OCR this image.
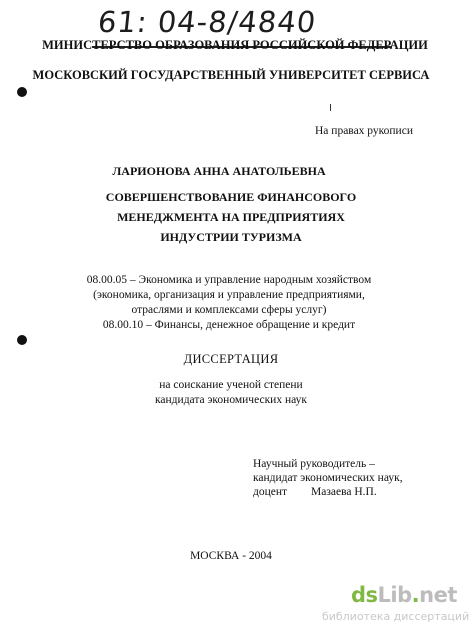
61: 04-8/4840
МИНИСТЕРСТВО ОБРАЗОВАНИЯ РОССИЙСКОЙ ФЕДЕРАЦИИ
МОСКОВСКИЙ ГОСУДАРСТВЕННЫЙ УНИВЕРСИТЕТ СЕРВИСА
На правах рукописи
ЛАРИОНОВА АННА АНАТОЛЬЕВНА
СОВЕРШЕНСТВОВАНИЕ ФИНАНСОВОГО
МЕНЕДЖМЕНТА НА ПРЕДПРИЯТИЯХ
ИНДУСТРИИ ТУРИЗМА
08.00.05 – Экономика и управление народным хозяйством
(экономика, организация и управление предприятиями,
отраслями и комплексами сферы услуг)
08.00.10 – Финансы, денежное обращение и кредит
ДИССЕРТАЦИЯ
на соискание ученой степени
кандидата экономических наук
Научный руководитель –
кандидат экономических наук,
доцент Мазаева Н.П.
МОСКВА - 2004
dsLib.net
библиотека диссертаций
